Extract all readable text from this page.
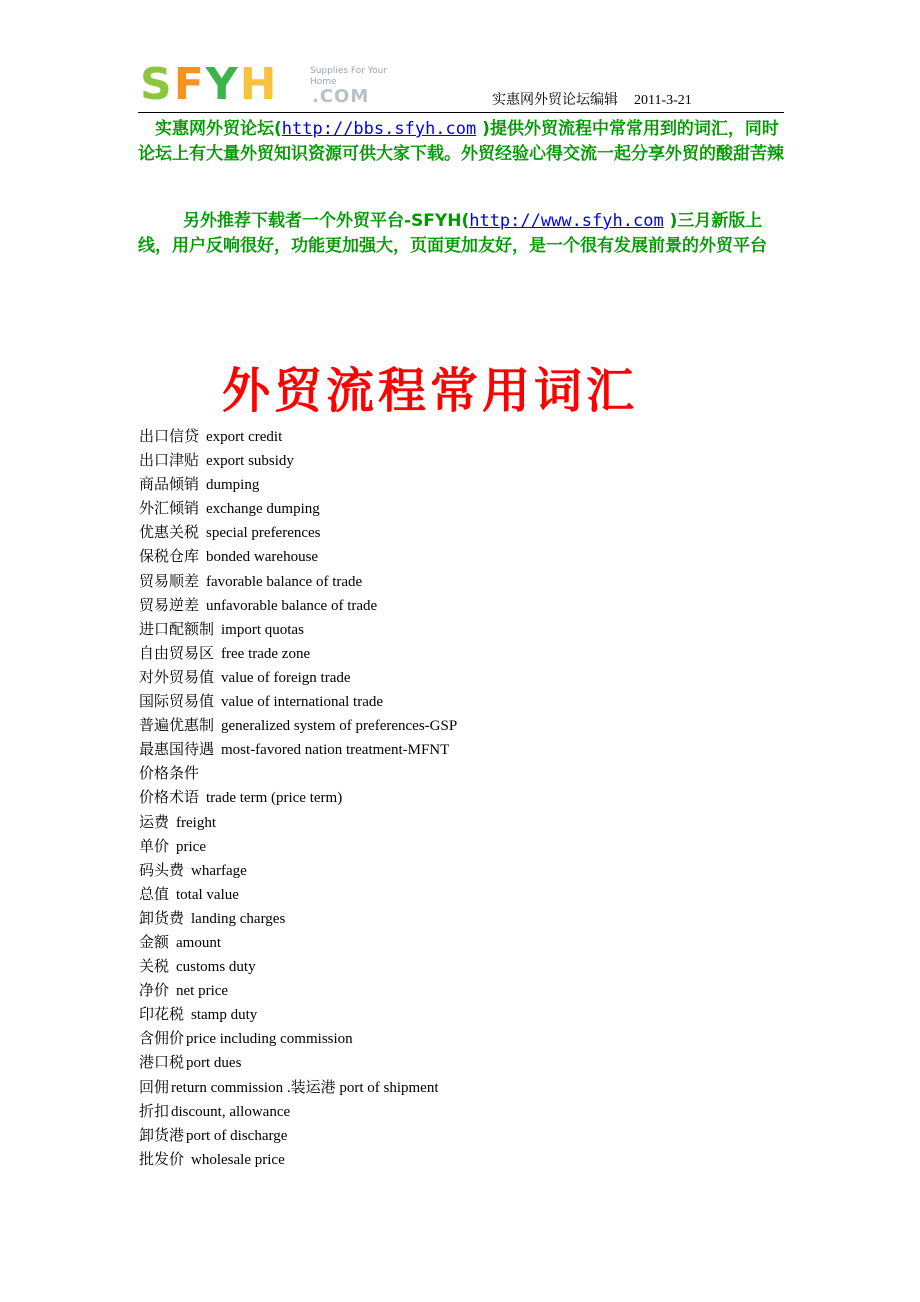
SFYH	Supplies For Your Home
.COM	实惠网外贸论坛编辑 2011-3-21
实惠网外贸论坛(http://bbs.sfyh.com )提供外贸流程中常常用到的词汇，同时论坛上有大量外贸知识资源可供大家下载。外贸经验心得交流一起分享外贸的酸甜苦辣
另外推荐下载者一个外贸平台-SFYH(http://www.sfyh.com )三月新版上线，用户反响很好，功能更加强大，页面更加友好，是一个很有发展前景的外贸平台
外贸流程常用词汇
出口信贷 export credit
出口津贴 export subsidy
商品倾销 dumping
外汇倾销 exchange dumping
优惠关税 special preferences
保税仓库 bonded warehouse
贸易顺差 favorable balance of trade
贸易逆差 unfavorable balance of trade
进口配额制 import quotas
自由贸易区 free trade zone
对外贸易值 value of foreign trade
国际贸易值 value of international trade
普遍优惠制 generalized system of preferences-GSP
最惠国待遇 most-favored nation treatment-MFNT
价格条件
价格术语 trade term (price term)
运费 freight
单价 price
码头费 wharfage
总值 total value
卸货费 landing charges
金额 amount
关税 customs duty
净价 net price
印花税 stamp duty
含佣价 price including commission
港口税 port dues
回佣 return commission .装运港 port of shipment
折扣 discount, allowance
卸货港 port of discharge
批发价 wholesale price
